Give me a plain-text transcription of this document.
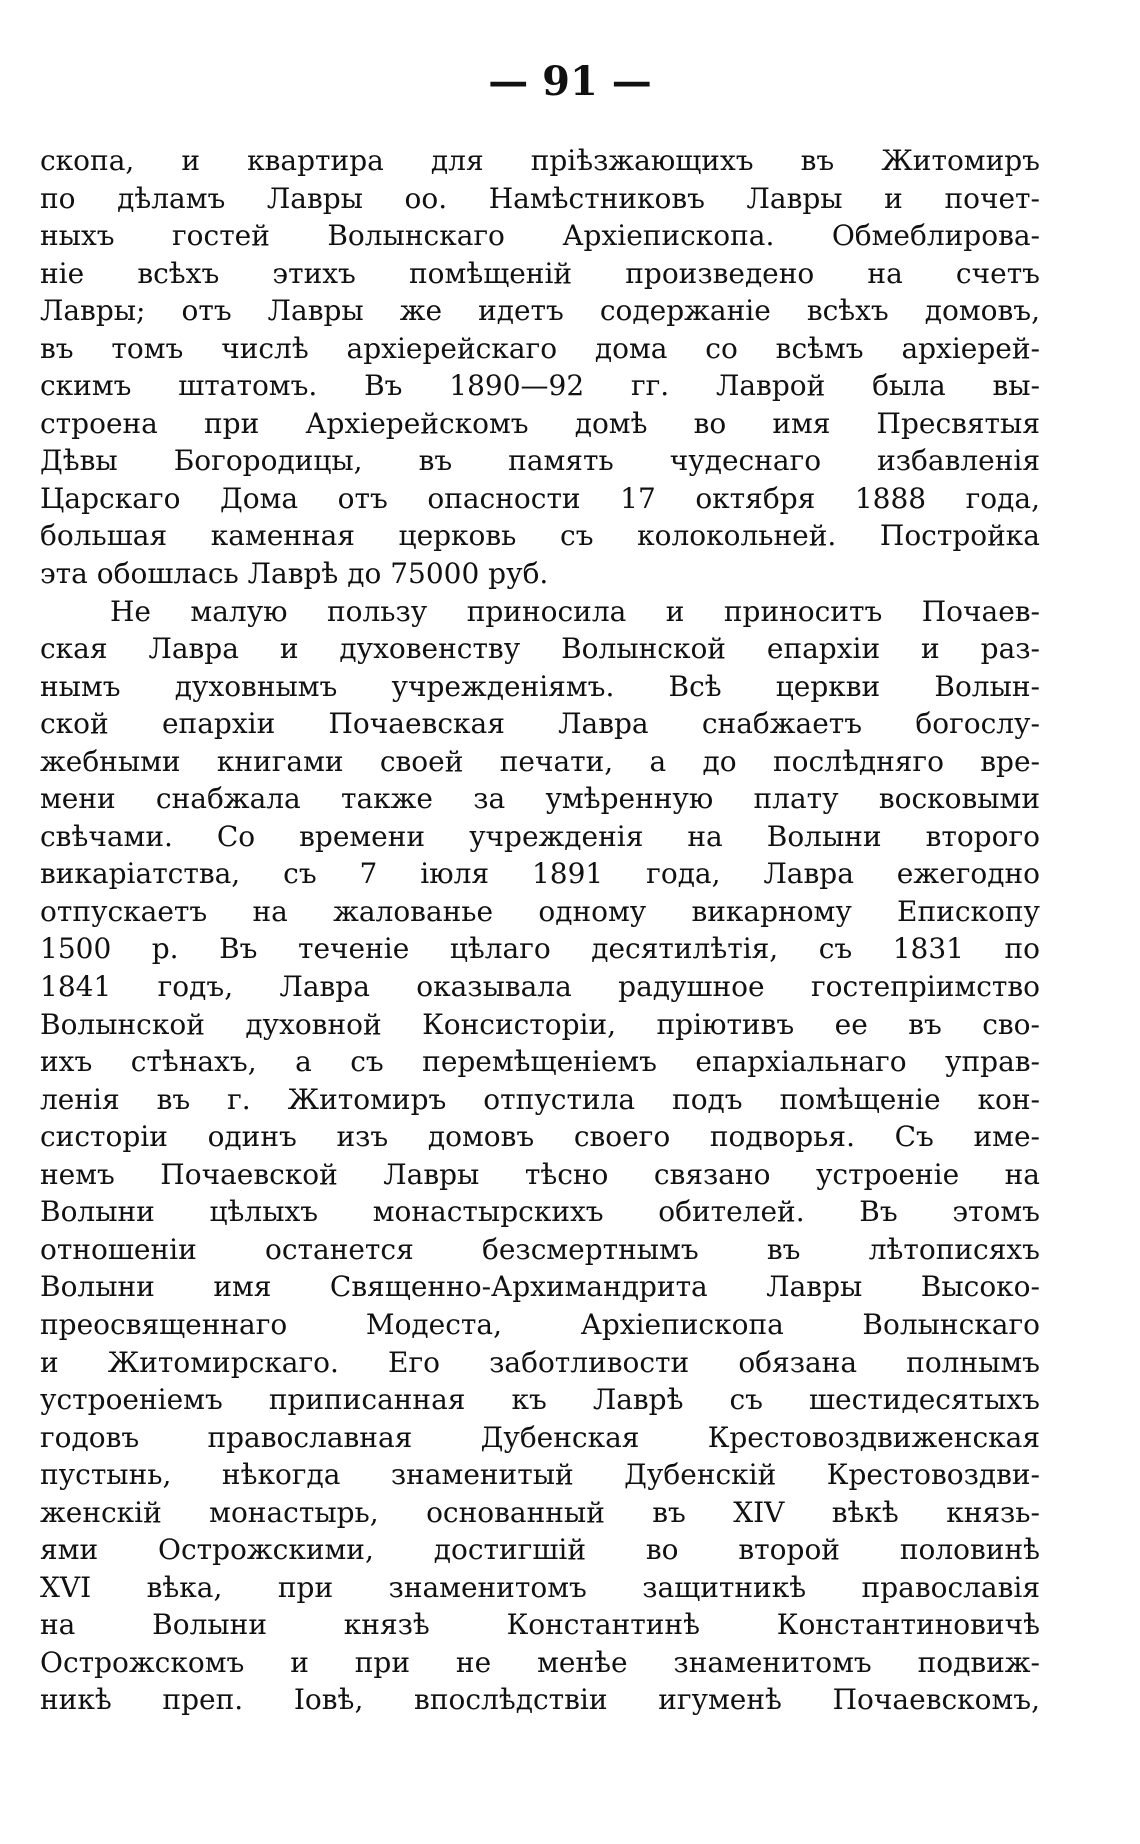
— 91 —
скопа, и квартира для пріѣзжающихъ въ Житомиръ
по дѣламъ Лавры оо. Намѣстниковъ Лавры и почет-
ныхъ гостей Волынскаго Архіепископа. Обмеблирова-
ніе всѣхъ этихъ помѣщеній произведено на счетъ
Лавры; отъ Лавры же идетъ содержаніе всѣхъ домовъ,
въ томъ числѣ архіерейскаго дома со всѣмъ архіерей-
скимъ штатомъ. Въ 1890—92 гг. Лаврой была вы-
строена при Архіерейскомъ домѣ во имя Пресвятыя
Дѣвы Богородицы, въ память чудеснаго избавленія
Царскаго Дома отъ опасности 17 октября 1888 года,
большая каменная церковь съ колокольней. Постройка
эта обошлась Лаврѣ до 75000 руб.
Не малую пользу приносила и приноситъ Почаев-
ская Лавра и духовенству Волынской епархіи и раз-
нымъ духовнымъ учрежденіямъ. Всѣ церкви Волын-
ской епархіи Почаевская Лавра снабжаетъ богослу-
жебными книгами своей печати, а до послѣдняго вре-
мени снабжала также за умѣренную плату восковыми
свѣчами. Со времени учрежденія на Волыни второго
викаріатства, съ 7 іюля 1891 года, Лавра ежегодно
отпускаетъ на жалованье одному викарному Епископу
1500 р. Въ теченіе цѣлаго десятилѣтія, съ 1831 по
1841 годъ, Лавра оказывала радушное гостепріимство
Волынской духовной Консисторіи, пріютивъ ее въ сво-
ихъ стѣнахъ, а съ перемѣщеніемъ епархіальнаго управ-
ленія въ г. Житомиръ отпустила подъ помѣщеніе кон-
систоріи одинъ изъ домовъ своего подворья. Съ име-
немъ Почаевской Лавры тѣсно связано устроеніе на
Волыни цѣлыхъ монастырскихъ обителей. Въ этомъ
отношеніи останется безсмертнымъ въ лѣтописяхъ
Волыни имя Священно-Архимандрита Лавры Высоко-
преосвященнаго Модеста, Архіепископа Волынскаго
и Житомирскаго. Его заботливости обязана полнымъ
устроеніемъ приписанная къ Лаврѣ съ шестидесятыхъ
годовъ православная Дубенская Крестовоздвиженская
пустынь, нѣкогда знаменитый Дубенскій Крестовоздви-
женскій монастырь, основанный въ XIV вѣкѣ князь-
ями Острожскими, достигшій во второй половинѣ
XVI вѣка, при знаменитомъ защитникѣ православія
на Волыни князѣ Константинѣ Константиновичѣ
Острожскомъ и при не менѣе знаменитомъ подвиж-
никѣ преп. Іовѣ, впослѣдствіи игуменѣ Почаевскомъ,
